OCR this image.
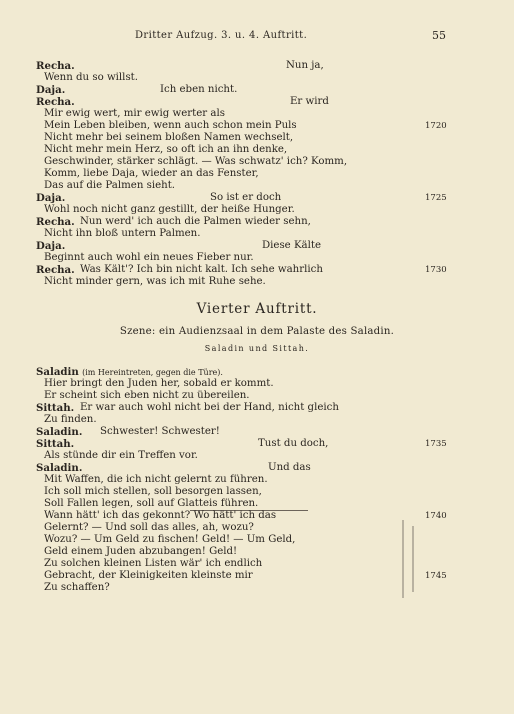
Dritter Aufzug. 3. u. 4. Auftritt.	55
Recha.	Nun ja,
Wenn du so willst.
Daja.	Ich eben nicht.
Recha.	Er wird
Mir ewig wert, mir ewig werter als
Mein Leben bleiben, wenn auch schon mein Puls	1720
Nicht mehr bei seinem bloßen Namen wechselt,
Nicht mehr mein Herz, so oft ich an ihn denke,
Geschwinder, stärker schlägt. — Was schwatz' ich? Komm,
Komm, liebe Daja, wieder an das Fenster,
Das auf die Palmen sieht.
Daja.	So ist er doch	1725
Wohl noch nicht ganz gestillt, der heiße Hunger.
Recha. Nun werd' ich auch die Palmen wieder sehn,
Nicht ihn bloß untern Palmen.
Daja.	Diese Kälte
Beginnt auch wohl ein neues Fieber nur.
Recha. Was Kält'? Ich bin nicht kalt. Ich sehe wahrlich	1730
Nicht minder gern, was ich mit Ruhe sehe.
Vierter Auftritt.
Szene: ein Audienzsaal in dem Palaste des Saladin.
Saladin und Sittah.
Saladin (im Hereintreten, gegen die Türe).
Hier bringt den Juden her, sobald er kommt.
Er scheint sich eben nicht zu übereilen.
Sittah. Er war auch wohl nicht bei der Hand, nicht gleich
Zu finden.
Saladin. Schwester! Schwester!
Sittah.	Tust du doch,	1735
Als stünde dir ein Treffen vor.
Saladin.	Und das
Mit Waffen, die ich nicht gelernt zu führen.
Ich soll mich stellen, soll besorgen lassen,
Soll Fallen legen, soll auf Glatteis führen.
Wann hätt' ich das gekonnt? Wo hätt' ich das	1740
Gelernt? — Und soll das alles, ah, wozu?
Wozu? — Um Geld zu fischen! Geld! — Um Geld,
Geld einem Juden abzubangen! Geld!
Zu solchen kleinen Listen wär' ich endlich
Gebracht, der Kleinigkeiten kleinste mir	1745
Zu schaffen?
